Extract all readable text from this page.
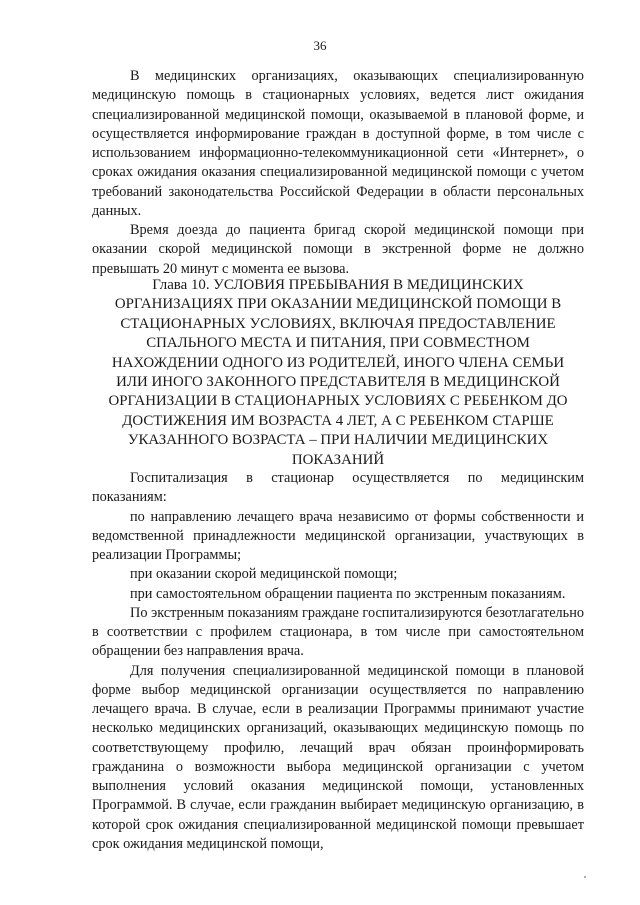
36

В медицинских организациях, оказывающих специализированную медицинскую помощь в стационарных условиях, ведется лист ожидания специализированной медицинской помощи, оказываемой в плановой форме, и осуществляется информирование граждан в доступной форме, в том числе с использованием информационно-телекоммуникационной сети «Интернет», о сроках ожидания оказания специализированной медицинской помощи с учетом требований законодательства Российской Федерации в области персональных данных.

Время доезда до пациента бригад скорой медицинской помощи при оказании скорой медицинской помощи в экстренной форме не должно превышать 20 минут с момента ее вызова.

Глава 10. УСЛОВИЯ ПРЕБЫВАНИЯ В МЕДИЦИНСКИХ
ОРГАНИЗАЦИЯХ ПРИ ОКАЗАНИИ МЕДИЦИНСКОЙ ПОМОЩИ В
СТАЦИОНАРНЫХ УСЛОВИЯХ, ВКЛЮЧАЯ ПРЕДОСТАВЛЕНИЕ
СПАЛЬНОГО МЕСТА И ПИТАНИЯ, ПРИ СОВМЕСТНОМ
НАХОЖДЕНИИ ОДНОГО ИЗ РОДИТЕЛЕЙ, ИНОГО ЧЛЕНА СЕМЬИ
ИЛИ ИНОГО ЗАКОННОГО ПРЕДСТАВИТЕЛЯ В МЕДИЦИНСКОЙ
ОРГАНИЗАЦИИ В СТАЦИОНАРНЫХ УСЛОВИЯХ С РЕБЕНКОМ ДО
ДОСТИЖЕНИЯ ИМ ВОЗРАСТА 4 ЛЕТ, А С РЕБЕНКОМ СТАРШЕ
УКАЗАННОГО ВОЗРАСТА – ПРИ НАЛИЧИИ МЕДИЦИНСКИХ
ПОКАЗАНИЙ

Госпитализация в стационар осуществляется по медицинским показаниям:

по направлению лечащего врача независимо от формы собственности и ведомственной принадлежности медицинской организации, участвующих в реализации Программы;

при оказании скорой медицинской помощи;

при самостоятельном обращении пациента по экстренным показаниям.

По экстренным показаниям граждане госпитализируются безотлагательно в соответствии с профилем стационара, в том числе при самостоятельном обращении без направления врача.

Для получения специализированной медицинской помощи в плановой форме выбор медицинской организации осуществляется по направлению лечащего врача. В случае, если в реализации Программы принимают участие несколько медицинских организаций, оказывающих медицинскую помощь по соответствующему профилю, лечащий врач обязан проинформировать гражданина о возможности выбора медицинской организации с учетом выполнения условий оказания медицинской помощи, установленных Программой. В случае, если гражданин выбирает медицинскую организацию, в которой срок ожидания специализированной медицинской помощи превышает срок ожидания медицинской помощи,
